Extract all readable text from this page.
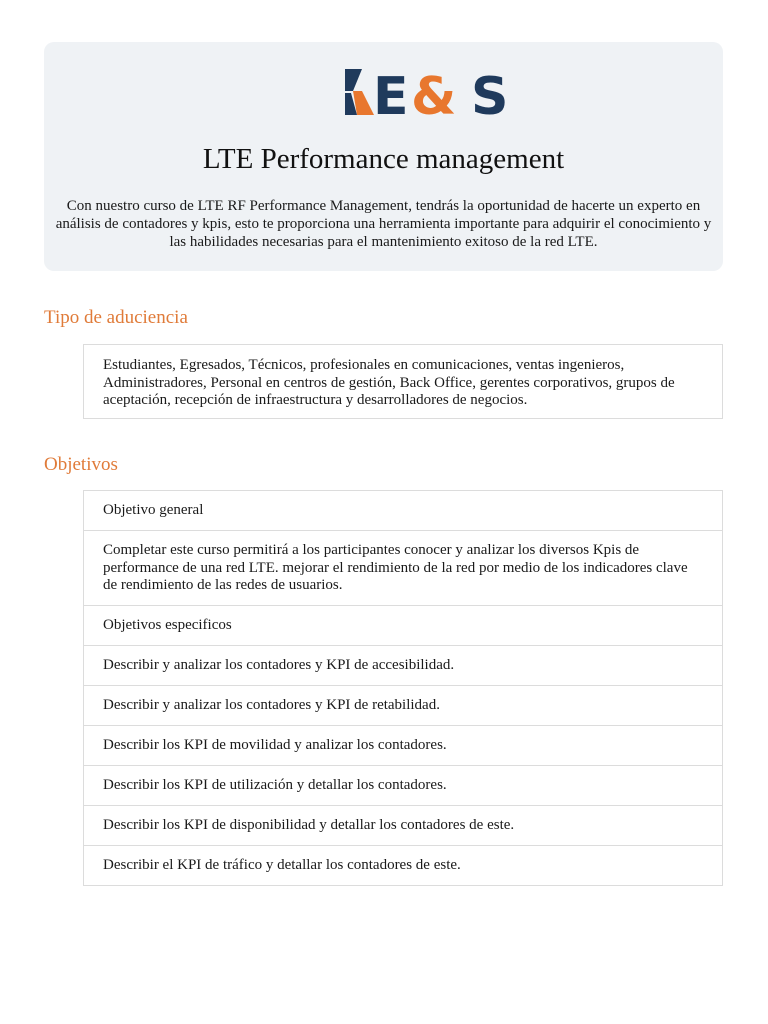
E & S
LTE Performance management

Con nuestro curso de LTE RF Performance Management, tendrás la oportunidad de hacerte un experto en análisis de contadores y kpis, esto te proporciona una herramienta importante para adquirir el conocimiento y las habilidades necesarias para el mantenimiento exitoso de la red LTE.

Tipo de aduciencia
Estudiantes, Egresados, Técnicos, profesionales en comunicaciones, ventas ingenieros, Administradores, Personal en centros de gestión, Back Office, gerentes corporativos, grupos de aceptación, recepción de infraestructura y desarrolladores de negocios.
Objetivos
Objetivo general
Completar este curso permitirá a los participantes conocer y analizar los diversos Kpis de performance de una red LTE. mejorar el rendimiento de la red por medio de los indicadores clave de rendimiento de las redes de usuarios.
Objetivos especificos
Describir y analizar los contadores y KPI de accesibilidad.
Describir y analizar los contadores y KPI de retabilidad.
Describir los KPI de movilidad y analizar los contadores.
Describir los KPI de utilización y detallar los contadores.
Describir los KPI de disponibilidad y detallar los contadores de este.
Describir el KPI de tráfico y detallar los contadores de este.
